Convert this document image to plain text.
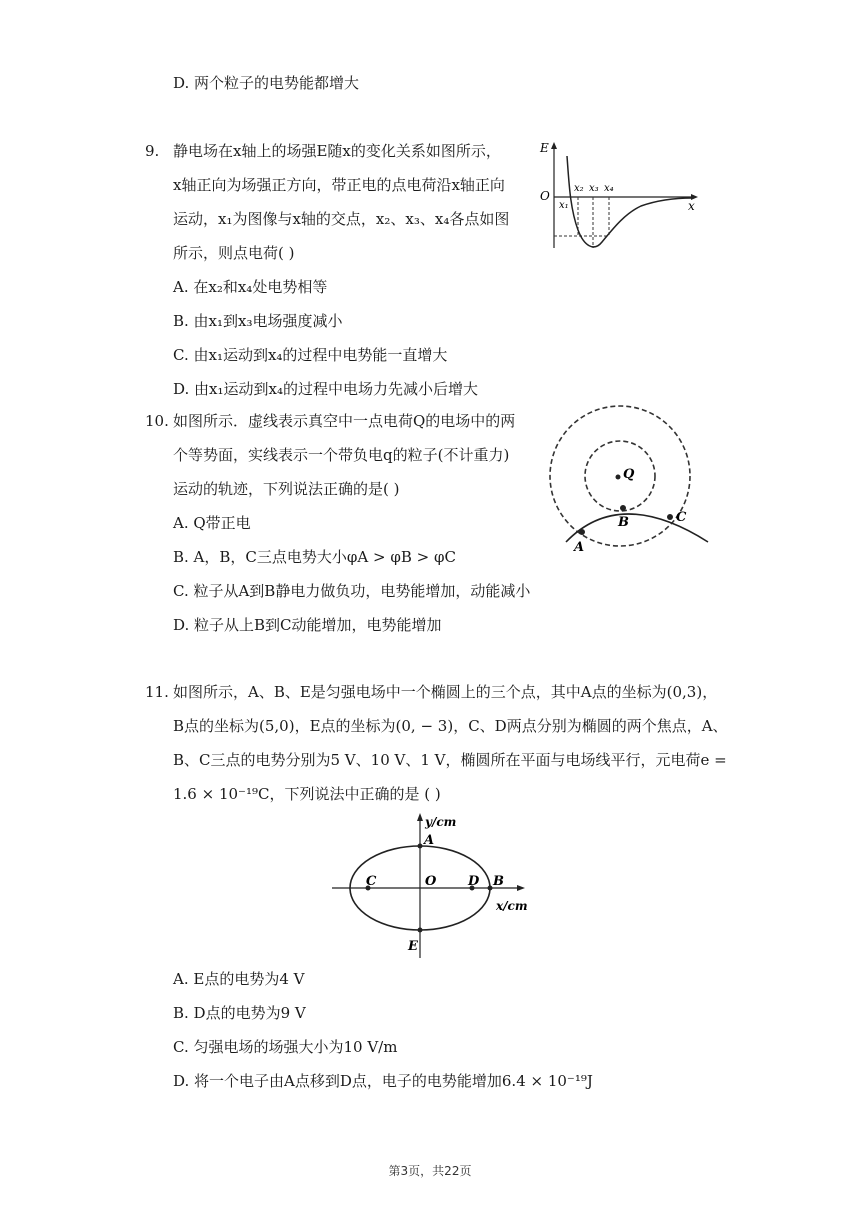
D. 两个粒子的电势能都增大
9. 静电场在x轴上的场强E随x的变化关系如图所示，
x轴正向为场强正方向，带正电的点电荷沿x轴正向
运动，x₁为图像与x轴的交点，x₂、x₃、x₄各点如图
所示，则点电荷( )
A. 在x₂和x₄处电势相等
B. 由x₁到x₃电场强度减小
C. 由x₁运动到x₄的过程中电势能一直增大
D. 由x₁运动到x₄的过程中电场力先减小后增大
E
O
x
x₁
x₂ x₃ x₄
10. 如图所示．虚线表示真空中一点电荷Q的电场中的两
个等势面，实线表示一个带负电q的粒子(不计重力)
运动的轨迹，下列说法正确的是( )
A. Q带正电
B. A，B，C三点电势大小φA > φB > φC
C. 粒子从A到B静电力做负功，电势能增加，动能减小
D. 粒子从上B到C动能增加，电势能增加
Q
A
B	C
11. 如图所示，A、B、E是匀强电场中一个椭圆上的三个点，其中A点的坐标为(0,3)，
B点的坐标为(5,0)，E点的坐标为(0, − 3)，C、D两点分别为椭圆的两个焦点，A、
B、C三点的电势分别为5 V、10 V、1 V，椭圆所在平面与电场线平行，元电荷e =
1.6 × 10⁻¹⁹C，下列说法中正确的是 ( )
y/cm
x/cm
A
B
C	D
E
O
A. E点的电势为4 V
B. D点的电势为9 V
C. 匀强电场的场强大小为10 V/m
D. 将一个电子由A点移到D点，电子的电势能增加6.4 × 10⁻¹⁹J
第3页，共22页
